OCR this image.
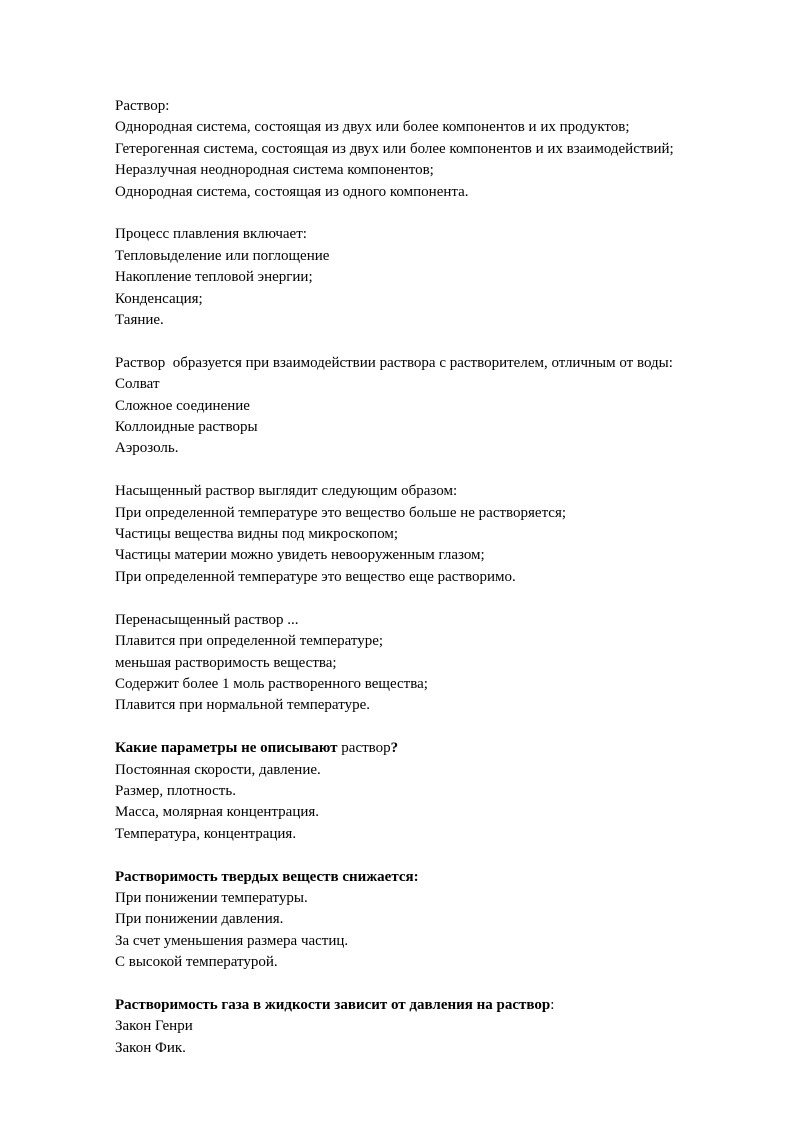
Раствор:
Однородная система, состоящая из двух или более компонентов и их продуктов;
Гетерогенная система, состоящая из двух или более компонентов и их взаимодействий;
Неразлучная неоднородная система компонентов;
Однородная система, состоящая из одного компонента.
Процесс плавления включает:
Тепловыделение или поглощение
Накопление тепловой энергии;
Конденсация;
Таяние.
Раствор  образуется при взаимодействии раствора с растворителем, отличным от воды:
Солват
Сложное соединение
Коллоидные растворы
Аэрозоль.
Насыщенный раствор выглядит следующим образом:
При определенной температуре это вещество больше не растворяется;
Частицы вещества видны под микроскопом;
Частицы материи можно увидеть невооруженным глазом;
При определенной температуре это вещество еще растворимо.
Перенасыщенный раствор ...
Плавится при определенной температуре;
меньшая растворимость вещества;
Содержит более 1 моль растворенного вещества;
Плавится при нормальной температуре.
Какие параметры не описывают раствор?
Постоянная скорости, давление.
Размер, плотность.
Масса, молярная концентрация.
Температура, концентрация.
Растворимость твердых веществ снижается:
При понижении температуры.
При понижении давления.
За счет уменьшения размера частиц.
С высокой температурой.
Растворимость газа в жидкости зависит от давления на раствор:
Закон Генри
Закон Фик.
